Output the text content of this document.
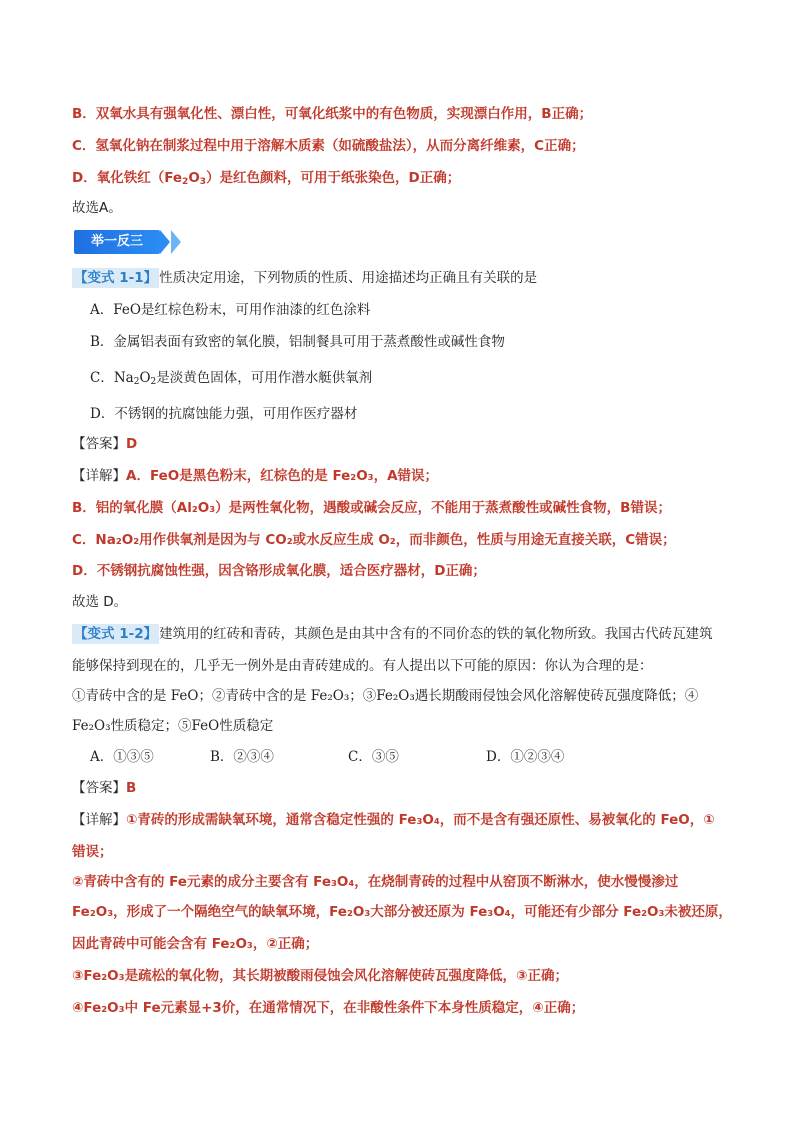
B．双氧水具有强氧化性、漂白性，可氧化纸浆中的有色物质，实现漂白作用，B正确；
C．氢氧化钠在制浆过程中用于溶解木质素（如硫酸盐法），从而分离纤维素，C正确；
D．氧化铁红$(Fe_2O_3)$是红色颜料，可用于纸张染色，D正确；
故选A。
举一反三
【变式 1-1】 性质决定用途，下列物质的性质、用途描述均正确且有关联的是
A．FeO是红棕色粉末，可用作油漆的红色涂料
B．金属铝表面有致密的氧化膜，铝制餐具可用于蒸煮酸性或碱性食物
C．$Na_2O_2$是淡黄色固体，可用作潜水艇供氧剂
D．不锈钢的抗腐蚀能力强，可用作医疗器材
【答案】D
【详解】A．FeO是黑色粉末，红棕色的是 Fe₂O₃，A错误；
B．铝的氧化膜（Al₂O₃）是两性氧化物，遇酸或碱会反应，不能用于蒸煮酸性或碱性食物，B错误；
C．Na₂O₂用作供氧剂是因为与 CO₂或水反应生成 O₂，而非颜色，性质与用途无直接关联，C错误；
D．不锈钢抗腐蚀性强，因含铬形成氧化膜，适合医疗器材，D正确；
故选 D。
【变式 1-2】 建筑用的红砖和青砖，其颜色是由其中含有的不同价态的铁的氧化物所致。我国古代砖瓦建筑
能够保持到现在的，几乎无一例外是由青砖建成的。有人提出以下可能的原因：你认为合理的是：
①青砖中含的是 FeO；②青砖中含的是 Fe₂O₃；③Fe₂O₃遇长期酸雨侵蚀会风化溶解使砖瓦强度降低；④
Fe₂O₃性质稳定；⑤FeO性质稳定
A．①③⑤	B．②③④	C．③⑤	D．①②③④
【答案】B
【详解】①青砖的形成需缺氧环境，通常含稳定性强的 Fe₃O₄，而不是含有强还原性、易被氧化的 FeO，①
错误；
②青砖中含有的 Fe元素的成分主要含有 Fe₃O₄，在烧制青砖的过程中从窑顶不断淋水，使水慢慢渗过
Fe₂O₃，形成了一个隔绝空气的缺氧环境，Fe₂O₃大部分被还原为 Fe₃O₄，可能还有少部分 Fe₂O₃未被还原，
因此青砖中可能会含有 Fe₂O₃，②正确；
③Fe₂O₃是疏松的氧化物，其长期被酸雨侵蚀会风化溶解使砖瓦强度降低，③正确；
④Fe₂O₃中 Fe元素显+3价，在通常情况下，在非酸性条件下本身性质稳定，④正确；
